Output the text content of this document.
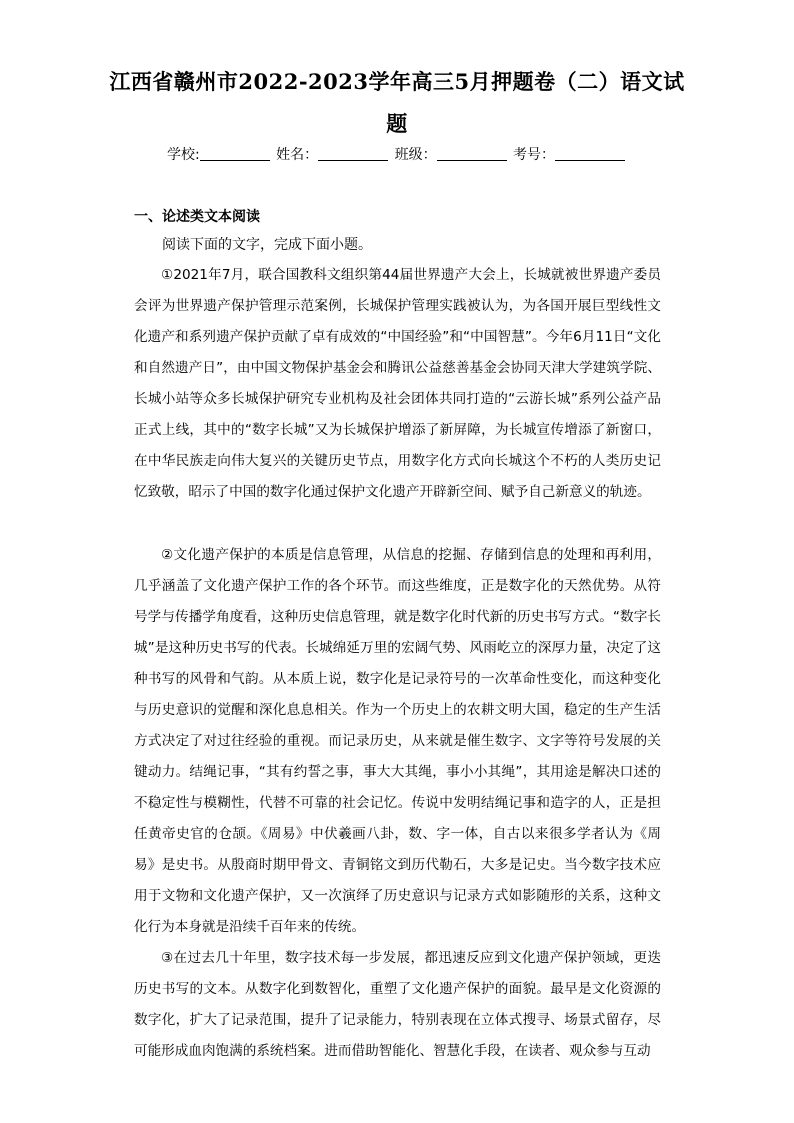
江西省赣州市2022-2023学年高三5月押题卷（二）语文试
题
学校:	姓名：	班级：	考号：
一、论述类文本阅读
阅读下面的文字，完成下面小题。
①2021年7月，联合国教科文组织第44届世界遗产大会上，长城就被世界遗产委员会评为世界遗产保护管理示范案例，长城保护管理实践被认为，为各国开展巨型线性文化遗产和系列遗产保护贡献了卓有成效的“中国经验”和“中国智慧”。今年6月11日“文化和自然遗产日”，由中国文物保护基金会和腾讯公益慈善基金会协同天津大学建筑学院、长城小站等众多长城保护研究专业机构及社会团体共同打造的“云游长城”系列公益产品正式上线，其中的“数字长城”又为长城保护增添了新屏障，为长城宣传增添了新窗口，在中华民族走向伟大复兴的关键历史节点，用数字化方式向长城这个不朽的人类历史记忆致敬，昭示了中国的数字化通过保护文化遗产开辟新空间、赋予自己新意义的轨迹。
②文化遗产保护的本质是信息管理，从信息的挖掘、存储到信息的处理和再利用，几乎涵盖了文化遗产保护工作的各个环节。而这些维度，正是数字化的天然优势。从符号学与传播学角度看，这种历史信息管理，就是数字化时代新的历史书写方式。“数字长城”是这种历史书写的代表。长城绵延万里的宏阔气势、风雨屹立的深厚力量，决定了这种书写的风骨和气韵。从本质上说，数字化是记录符号的一次革命性变化，而这种变化与历史意识的觉醒和深化息息相关。作为一个历史上的农耕文明大国，稳定的生产生活方式决定了对过往经验的重视。而记录历史，从来就是催生数字、文字等符号发展的关键动力。结绳记事，“其有约誓之事，事大大其绳，事小小其绳”，其用途是解决口述的不稳定性与模糊性，代替不可靠的社会记忆。传说中发明结绳记事和造字的人，正是担任黄帝史官的仓颉。《周易》中伏羲画八卦，数、字一体，自古以来很多学者认为《周易》是史书。从殷商时期甲骨文、青铜铭文到历代勒石，大多是记史。当今数字技术应用于文物和文化遗产保护，又一次演绎了历史意识与记录方式如影随形的关系，这种文化行为本身就是沿续千百年来的传统。
③在过去几十年里，数字技术每一步发展，都迅速反应到文化遗产保护领域，更迭历史书写的文本。从数字化到数智化，重塑了文化遗产保护的面貌。最早是文化资源的数字化，扩大了记录范围，提升了记录能力，特别表现在立体式搜寻、场景式留存，尽可能形成血肉饱满的系统档案。进而借助智能化、智慧化手段，在读者、观众参与互动
